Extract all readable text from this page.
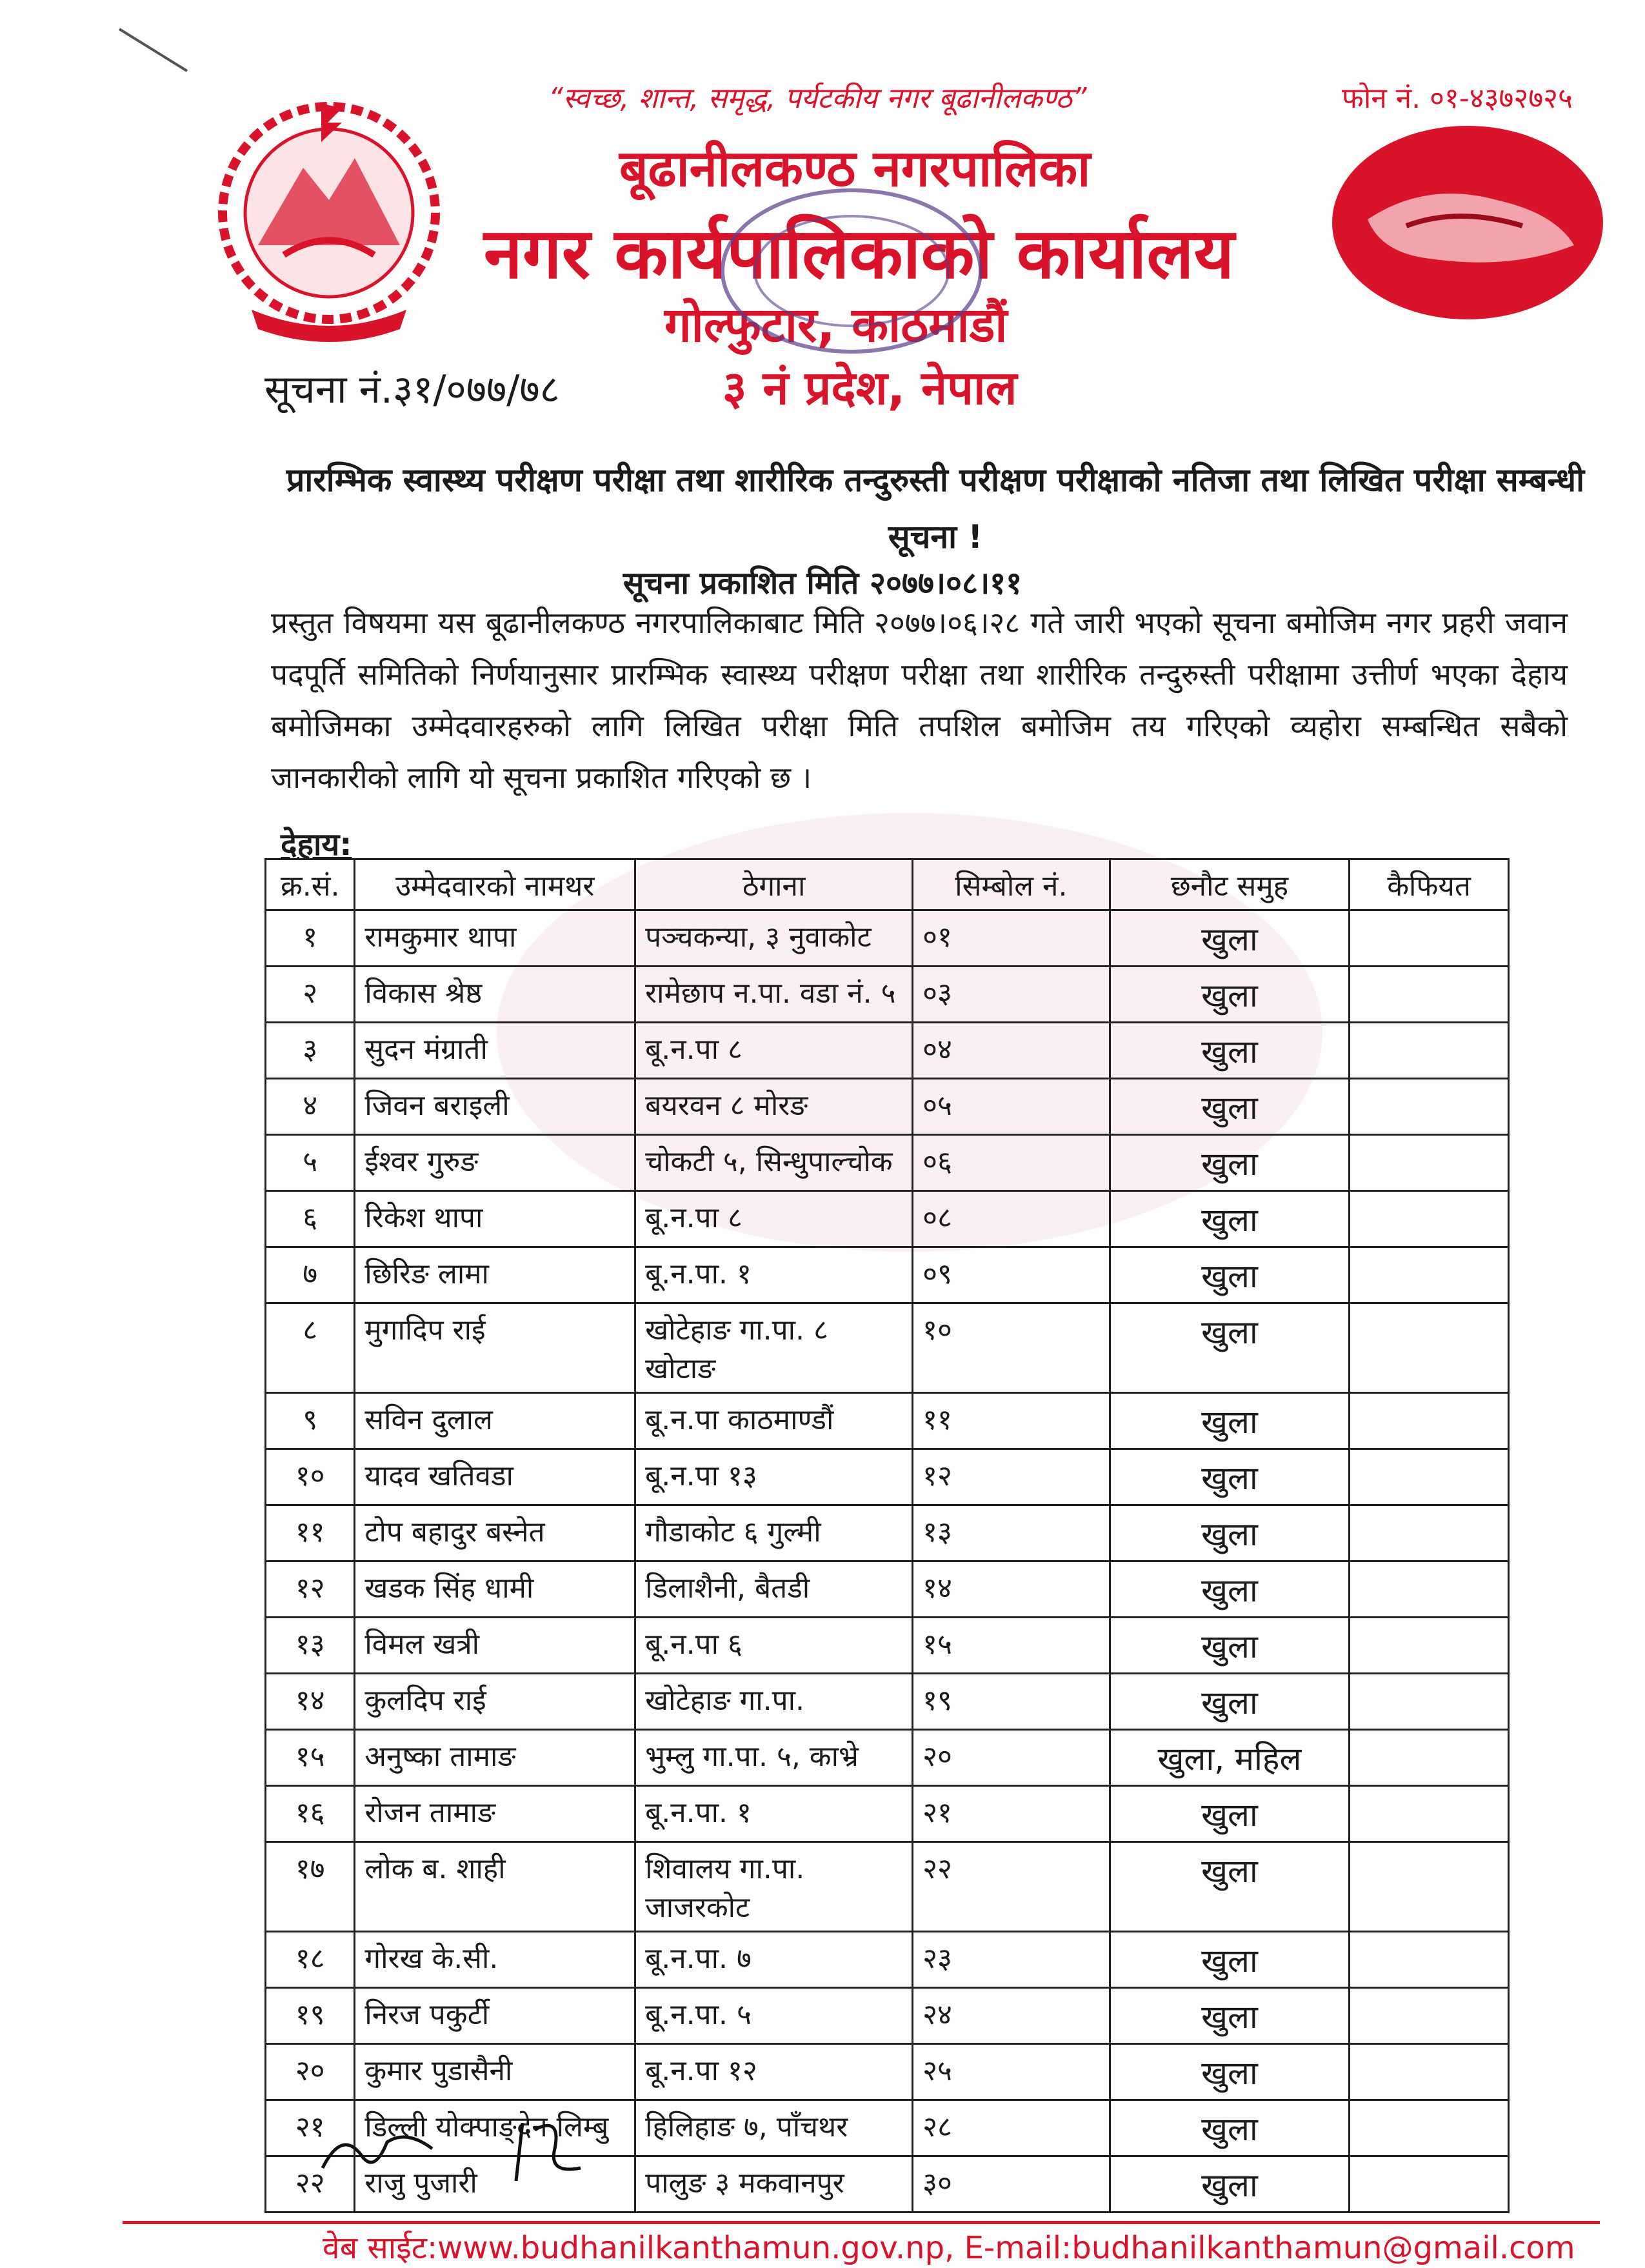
“स्वच्छ, शान्त, समृद्ध, पर्यटकीय नगर बूढानीलकण्ठ”	फोन नं. ०१-४३७२७२५
बूढानीलकण्ठ नगरपालिका
नगर कार्यपालिकाको कार्यालय
गोल्फुटार, काठमाडौं
३ नं प्रदेश, नेपाल
सूचना नं.३१/०७७/७८
प्रारम्भिक स्वास्थ्य परीक्षण परीक्षा तथा शारीरिक तन्दुरुस्ती परीक्षण परीक्षाको नतिजा तथा लिखित परीक्षा सम्बन्धी सूचना !
सूचना प्रकाशित मिति २०७७।०८।११
प्रस्तुत विषयमा यस बूढानीलकण्ठ नगरपालिकाबाट मिति २०७७।०६।२८ गते जारी भएको सूचना बमोजिम नगर प्रहरी जवान पदपूर्ति समितिको निर्णयानुसार प्रारम्भिक स्वास्थ्य परीक्षण परीक्षा तथा शारीरिक तन्दुरुस्ती परीक्षामा उत्तीर्ण भएका देहाय बमोजिमका उम्मेदवारहरुको लागि लिखित परीक्षा मिति तपशिल बमोजिम तय गरिएको व्यहोरा सम्बन्धित सबैको जानकारीको लागि यो सूचना प्रकाशित गरिएको छ ।
देहाय:
क्र.सं.	उम्मेदवारको नामथर	ठेगाना	सिम्बोल नं.	छनौट समुह	कैफियत
१	रामकुमार थापा	पञ्चकन्या, ३ नुवाकोट	०१	खुला	
२	विकास श्रेष्ठ	रामेछाप न.पा. वडा नं. ५	०३	खुला	
३	सुदन मंग्राती	बू.न.पा ८	०४	खुला	
४	जिवन बराइली	बयरवन ८ मोरङ	०५	खुला	
५	ईश्वर गुरुङ	चोकटी ५, सिन्धुपाल्चोक	०६	खुला	
६	रिकेश थापा	बू.न.पा ८	०८	खुला	
७	छिरिङ लामा	बू.न.पा. १	०९	खुला	
८	मुगादिप राई	खोटेहाङ गा.पा. ८ खोटाङ	१०	खुला	
९	सविन दुलाल	बू.न.पा काठमाण्डौं	११	खुला	
१०	यादव खतिवडा	बू.न.पा १३	१२	खुला	
११	टोप बहादुर बस्नेत	गौडाकोट ६ गुल्मी	१३	खुला	
१२	खडक सिंह धामी	डिलाशैनी, बैतडी	१४	खुला	
१३	विमल खत्री	बू.न.पा ६	१५	खुला	
१४	कुलदिप राई	खोटेहाङ गा.पा.	१९	खुला	
१५	अनुष्का तामाङ	भुम्लु गा.पा. ५, काभ्रे	२०	खुला, महिल	
१६	रोजन तामाङ	बू.न.पा. १	२१	खुला	
१७	लोक ब. शाही	शिवालय गा.पा. जाजरकोट	२२	खुला	
१८	गोरख के.सी.	बू.न.पा. ७	२३	खुला	
१९	निरज पकुर्टी	बू.न.पा. ५	२४	खुला	
२०	कुमार पुडासैनी	बू.न.पा १२	२५	खुला	
२१	डिल्ली योक्पाङ्देन लिम्बु	हिलिहाङ ७, पाँचथर	२८	खुला	
२२	राजु पुजारी	पालुङ ३ मकवानपुर	३०	खुला	
वेब साईट:www.budhanilkanthamun.gov.np, E-mail:budhanilkanthamun@gmail.com
